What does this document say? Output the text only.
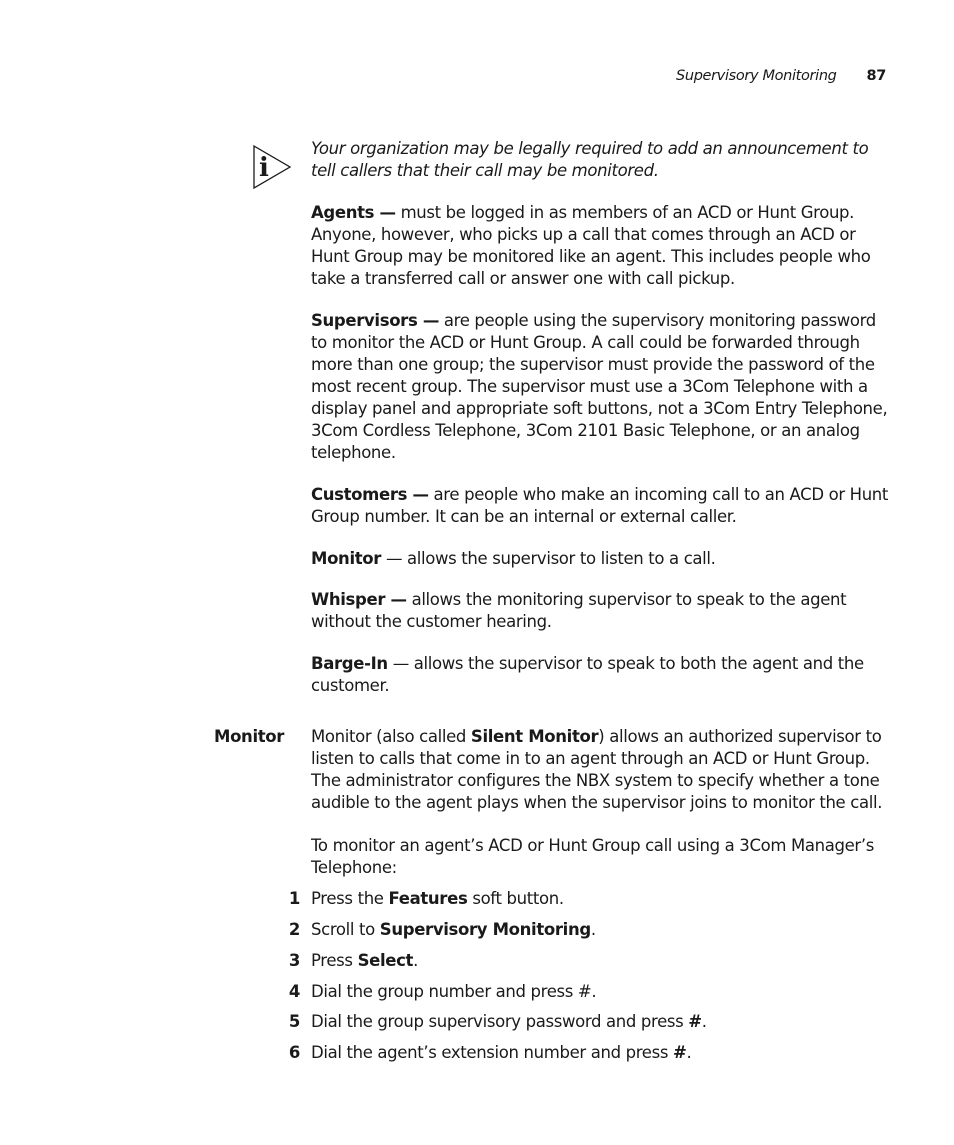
Supervisory Monitoring 87
i

Your organization may be legally required to add an announcement to tell callers that their call may be monitored.

Agents — must be logged in as members of an ACD or Hunt Group. Anyone, however, who picks up a call that comes through an ACD or Hunt Group may be monitored like an agent. This includes people who take a transferred call or answer one with call pickup.

Supervisors — are people using the supervisory monitoring password to monitor the ACD or Hunt Group. A call could be forwarded through more than one group; the supervisor must provide the password of the most recent group. The supervisor must use a 3Com Telephone with a display panel and appropriate soft buttons, not a 3Com Entry Telephone, 3Com Cordless Telephone, 3Com 2101 Basic Telephone, or an analog telephone.

Customers — are people who make an incoming call to an ACD or Hunt Group number. It can be an internal or external caller.

Monitor — allows the supervisor to listen to a call.

Whisper — allows the monitoring supervisor to speak to the agent without the customer hearing.

Barge-In — allows the supervisor to speak to both the agent and the customer.

Monitor Monitor (also called Silent Monitor) allows an authorized supervisor to listen to calls that come in to an agent through an ACD or Hunt Group. The administrator configures the NBX system to specify whether a tone audible to the agent plays when the supervisor joins to monitor the call.

To monitor an agent’s ACD or Hunt Group call using a 3Com Manager’s Telephone:

1 Press the Features soft button.
2 Scroll to Supervisory Monitoring.
3 Press Select.
4 Dial the group number and press #.
5 Dial the group supervisory password and press #.
6 Dial the agent’s extension number and press #.
